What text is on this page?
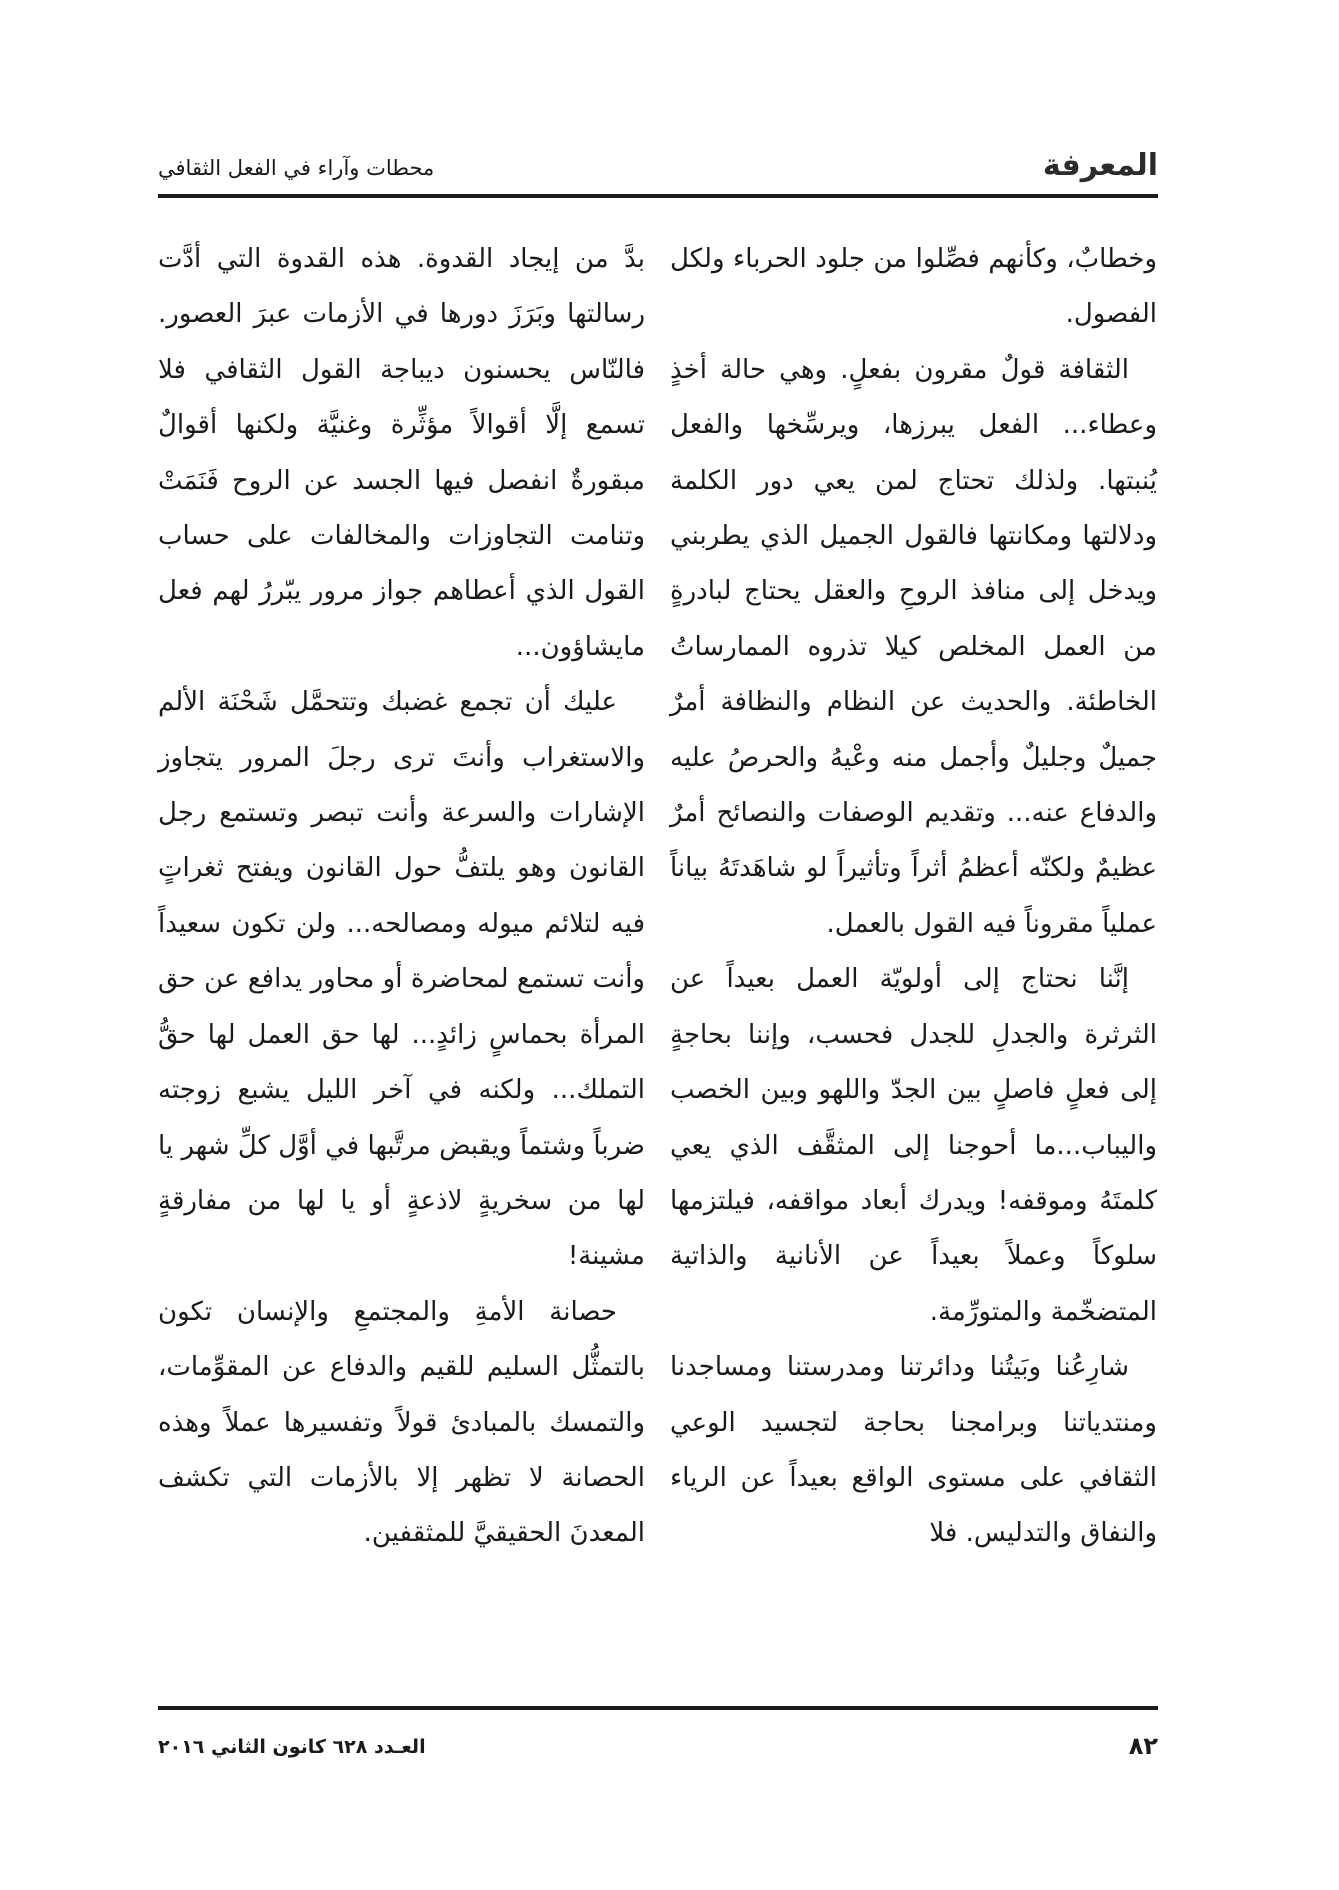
المعرفة
محطات وآراء في الفعل الثقافي

وخطابٌ، وكأنهم فصِّلوا من جلود الحرباء ولكل الفصول.

الثقافة قولٌ مقرون بفعلٍ. وهي حالة أخذٍ وعطاء... الفعل يبرزها، ويرسِّخها والفعل يُنبتها. ولذلك تحتاج لمن يعي دور الكلمة ودلالتها ومكانتها فالقول الجميل الذي يطربني ويدخل إلى منافذ الروحِ والعقل يحتاج لبادرةٍ من العمل المخلص كيلا تذروه الممارساتُ الخاطئة. والحديث عن النظام والنظافة أمرٌ جميلٌ وجليلٌ وأجمل منه وعْيهُ والحرصُ عليه والدفاع عنه... وتقديم الوصفات والنصائح أمرٌ عظيمٌ ولكنّه أعظمُ أثراً وتأثيراً لو شاهَدتَهُ بياناً عملياً مقروناً فيه القول بالعمل.

إنَّنا نحتاج إلى أولويّة العمل بعيداً عن الثرثرة والجدلِ للجدل فحسب، وإننا بحاجةٍ إلى فعلٍ فاصلٍ بين الجدّ واللهو وبين الخصب واليباب...ما أحوجنا إلى المثقَّف الذي يعي كلمتَهُ وموقفه! ويدرك أبعاد مواقفه، فيلتزمها سلوكاً وعملاً بعيداً عن الأنانية والذاتية المتضخّمة والمتورِّمة.

شارِعُنا وبَيتُنا ودائرتنا ومدرستنا ومساجدنا ومنتدياتنا وبرامجنا بحاجة لتجسيد الوعي الثقافي على مستوى الواقع بعيداً عن الرياء والنفاق والتدليس. فلا

بدَّ من إيجاد القدوة. هذه القدوة التي أدَّت رسالتها وبَرَزَ دورها في الأزمات عبرَ العصور. فالنّاس يحسنون ديباجة القول الثقافي فلا تسمع إلَّا أقوالاً مؤثِّرة وغنيَّة ولكنها أقوالٌ مبقورةٌ انفصل فيها الجسد عن الروح فَنَمَتْ وتنامت التجاوزات والمخالفات على حساب القول الذي أعطاهم جواز مرور يبّررُ لهم فعل مايشاؤون...

عليك أن تجمع غضبك وتتحمَّل شَحْنَة الألم والاستغراب وأنتَ ترى رجلَ المرور يتجاوز الإشارات والسرعة وأنت تبصر وتستمع رجل القانون وهو يلتفُّ حول القانون ويفتح ثغراتٍ فيه لتلائم ميوله ومصالحه... ولن تكون سعيداً وأنت تستمع لمحاضرة أو محاور يدافع عن حق المرأة بحماسٍ زائدٍ... لها حق العمل لها حقُّ التملك... ولكنه في آخر الليل يشبع زوجته ضرباً وشتماً ويقبض مرتَّبها في أوَّل كلِّ شهر يا لها من سخريةٍ لاذعةٍ أو يا لها من مفارقةٍ مشينة!

حصانة الأمةِ والمجتمعِ والإنسان تكون بالتمثُّل السليم للقيم والدفاع عن المقوِّمات، والتمسك بالمبادئ قولاً وتفسيرها عملاً وهذه الحصانة لا تظهر إلا بالأزمات التي تكشف المعدنَ الحقيقيَّ للمثقفين.

٨٢
العـدد ٦٢٨ كانون الثاني ٢٠١٦
